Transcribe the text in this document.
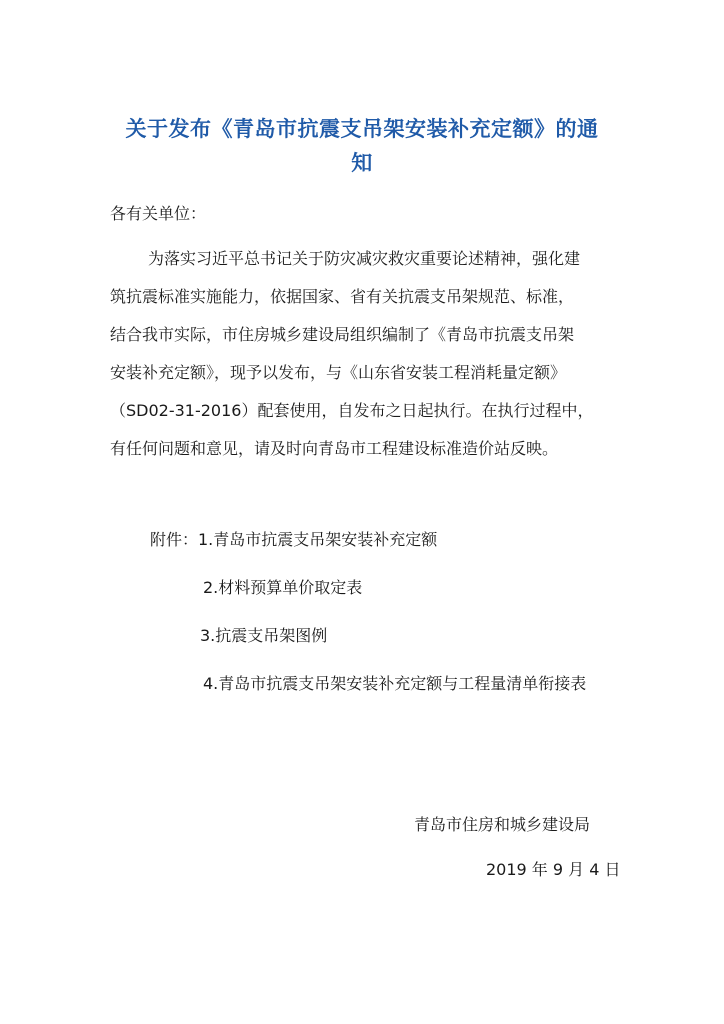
关于发布《青岛市抗震支吊架安装补充定额》的通
知
各有关单位：
为落实习近平总书记关于防灾减灾救灾重要论述精神，强化建
筑抗震标准实施能力，依据国家、省有关抗震支吊架规范、标准，
结合我市实际，市住房城乡建设局组织编制了《青岛市抗震支吊架
安装补充定额》，现予以发布，与《山东省安装工程消耗量定额》
（SD02-31-2016）配套使用，自发布之日起执行。在执行过程中，
有任何问题和意见，请及时向青岛市工程建设标准造价站反映。
附件：1.青岛市抗震支吊架安装补充定额
2.材料预算单价取定表
3.抗震支吊架图例
4.青岛市抗震支吊架安装补充定额与工程量清单衔接表
青岛市住房和城乡建设局
2019 年 9 月 4 日
